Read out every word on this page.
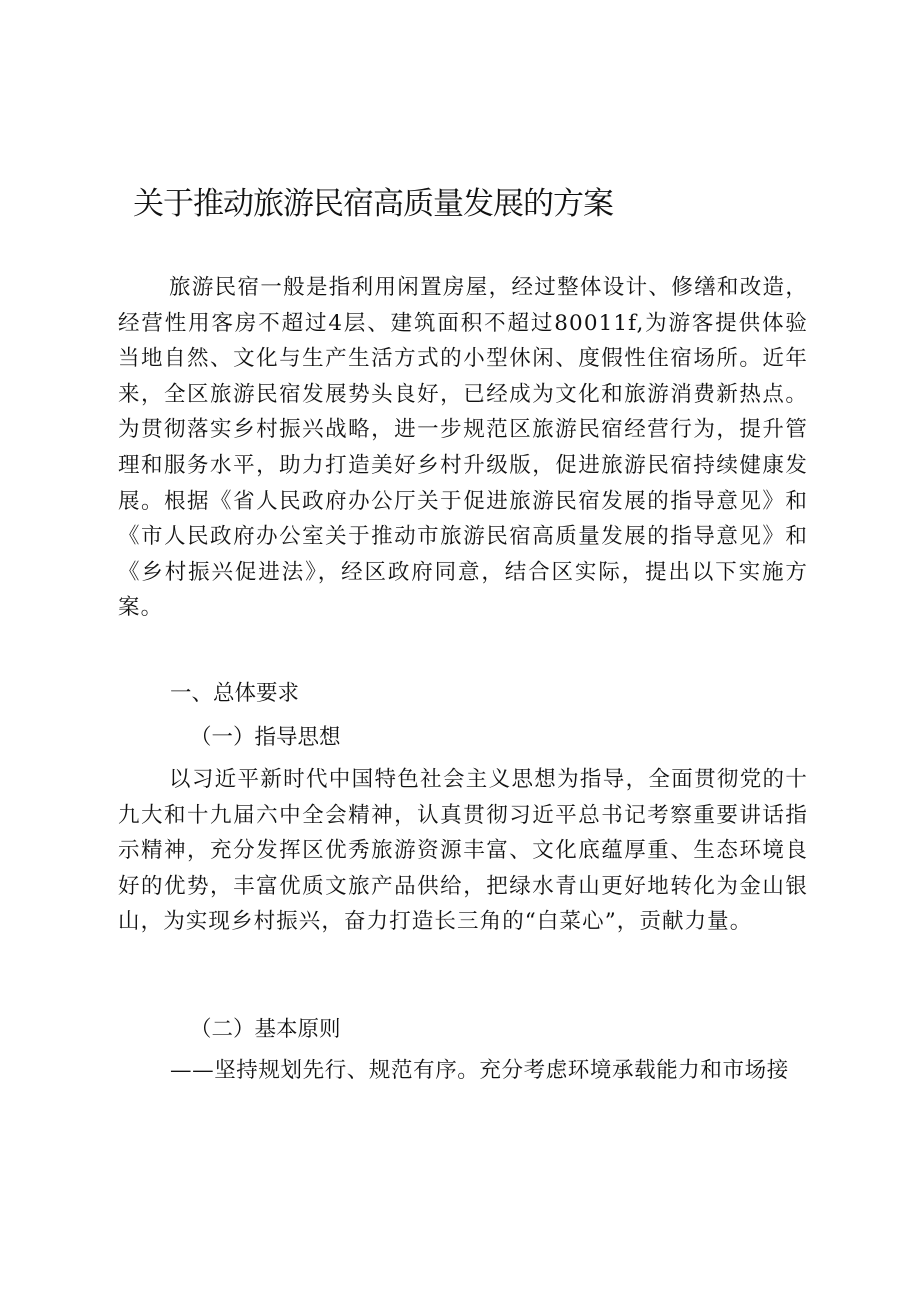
关于推动旅游民宿高质量发展的方案

旅游民宿一般是指利用闲置房屋，经过整体设计、修缮和改造，经营性用客房不超过4层、建筑面积不超过80011f,为游客提供体验当地自然、文化与生产生活方式的小型休闲、度假性住宿场所。近年来，全区旅游民宿发展势头良好，已经成为文化和旅游消费新热点。为贯彻落实乡村振兴战略，进一步规范区旅游民宿经营行为，提升管理和服务水平，助力打造美好乡村升级版，促进旅游民宿持续健康发展。根据《省人民政府办公厅关于促进旅游民宿发展的指导意见》和《市人民政府办公室关于推动市旅游民宿高质量发展的指导意见》和《乡村振兴促进法》，经区政府同意，结合区实际，提出以下实施方案。

一、总体要求
（一）指导思想

以习近平新时代中国特色社会主义思想为指导，全面贯彻党的十九大和十九届六中全会精神，认真贯彻习近平总书记考察重要讲话指示精神，充分发挥区优秀旅游资源丰富、文化底蕴厚重、生态环境良好的优势，丰富优质文旅产品供给，把绿水青山更好地转化为金山银山，为实现乡村振兴，奋力打造长三角的“白菜心”，贡献力量。

（二）基本原则

——坚持规划先行、规范有序。充分考虑环境承载能力和市场接
